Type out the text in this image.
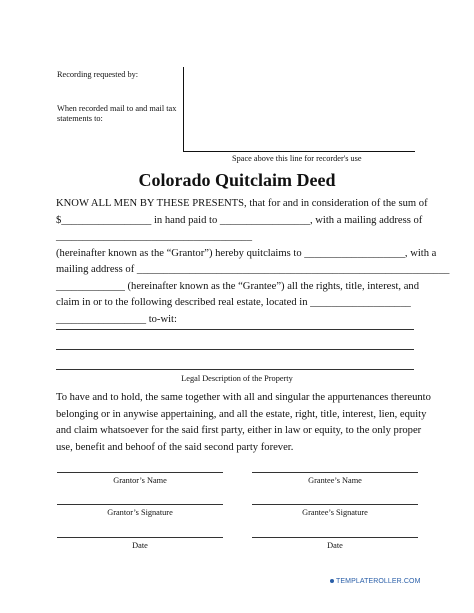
Recording requested by:
When recorded mail to and mail tax
statements to:
Space above this line for recorder's use
Colorado Quitclaim Deed
KNOW ALL MEN BY THESE PRESENTS, that for and in consideration of the sum of
$_________________ in hand paid to _________________, with a mailing address of
_____________________________________
(hereinafter known as the “Grantor”) hereby quitclaims to ___________________, with a
mailing address of ___________________________________________________________
_____________ (hereinafter known as the “Grantee”) all the rights, title, interest, and
claim in or to the following described real estate, located in ___________________
_________________ to-wit:
Legal Description of the Property
To have and to hold, the same together with all and singular the appurtenances thereunto
belonging or in anywise appertaining, and all the estate, right, title, interest, lien, equity
and claim whatsoever for the said first party, either in law or equity, to the only proper
use, benefit and behoof of the said second party forever.
Grantor’s Name	Grantee’s Name
Grantor’s Signature	Grantee’s Signature
Date	Date
TEMPLATEROLLER.COM
